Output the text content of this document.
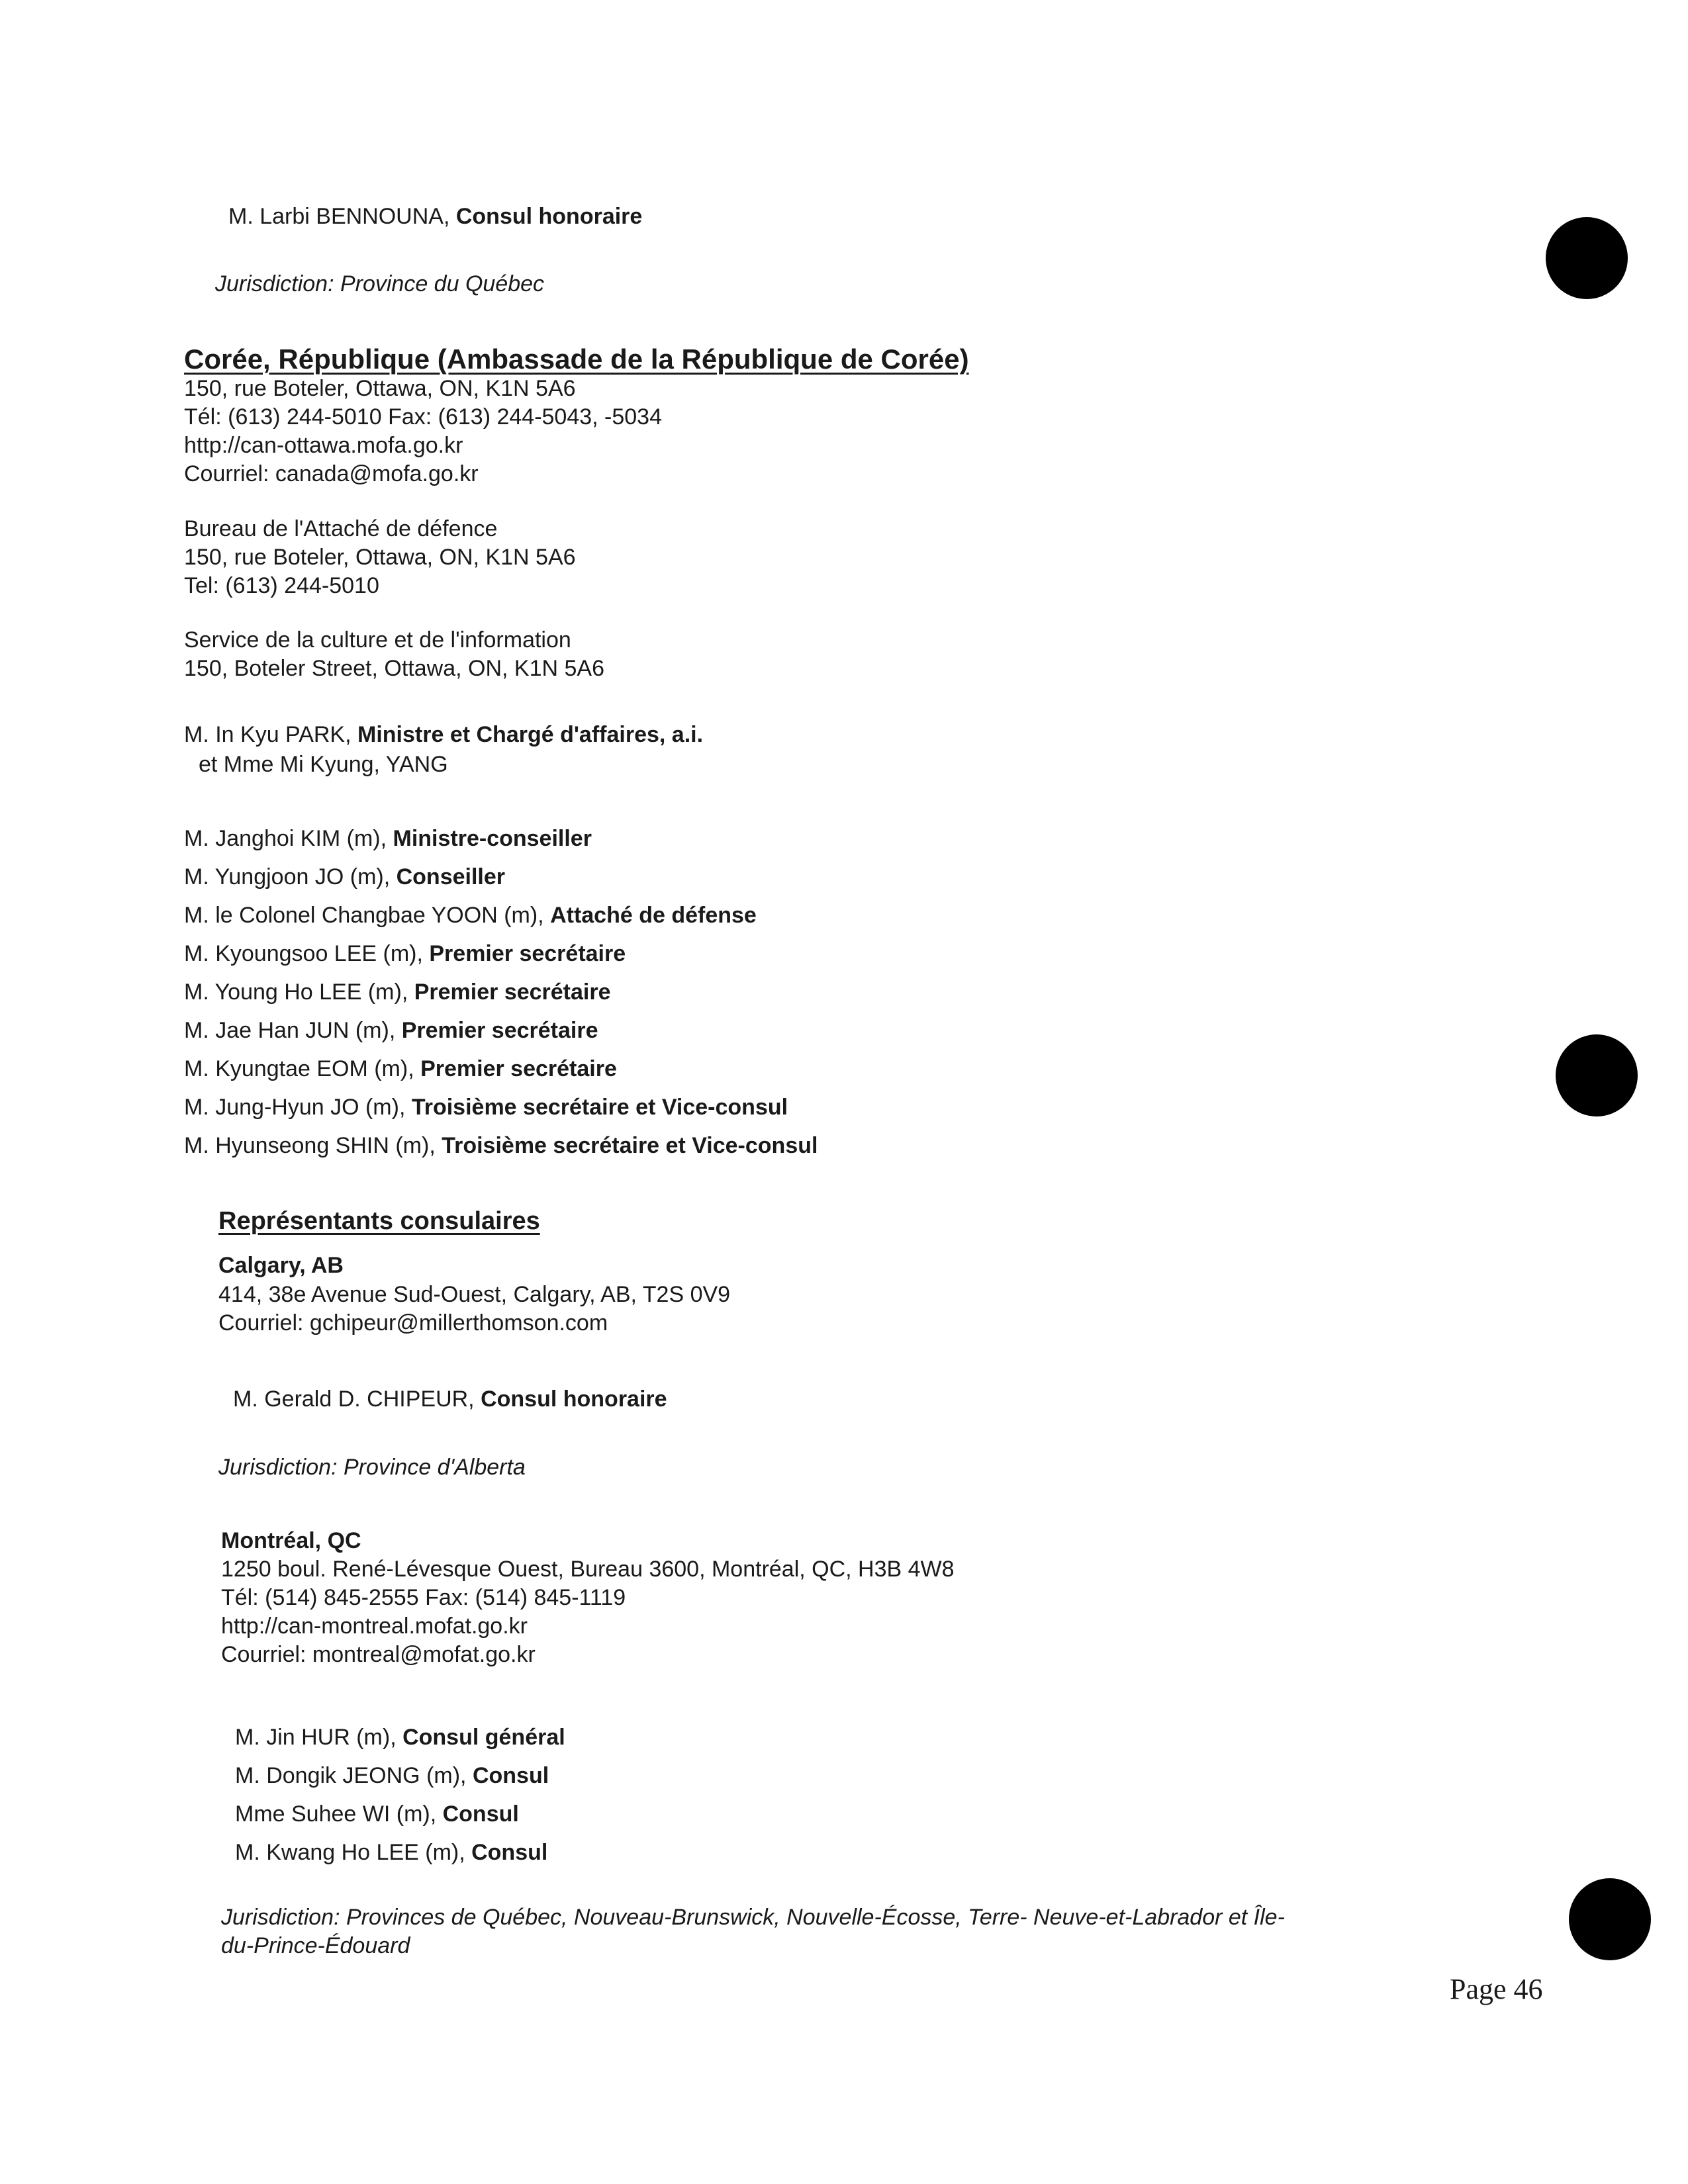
M. Larbi BENNOUNA, Consul honoraire
Jurisdiction: Province du Québec
Corée, République (Ambassade de la République de Corée)
150, rue Boteler, Ottawa, ON, K1N 5A6
Tél: (613) 244-5010 Fax: (613) 244-5043, -5034
http://can-ottawa.mofa.go.kr
Courriel: canada@mofa.go.kr
Bureau de l'Attaché de défence
150, rue Boteler, Ottawa, ON, K1N 5A6
Tel: (613) 244-5010
Service de la culture et de l'information
150, Boteler Street, Ottawa, ON, K1N 5A6
M. In Kyu PARK, Ministre et Chargé d'affaires, a.i.
et Mme Mi Kyung, YANG
M. Janghoi KIM (m), Ministre-conseiller
M. Yungjoon JO (m), Conseiller
M. le Colonel Changbae YOON (m), Attaché de défense
M. Kyoungsoo LEE (m), Premier secrétaire
M. Young Ho LEE (m), Premier secrétaire
M. Jae Han JUN (m), Premier secrétaire
M. Kyungtae EOM (m), Premier secrétaire
M. Jung-Hyun JO (m), Troisième secrétaire et Vice-consul
M. Hyunseong SHIN (m), Troisième secrétaire et Vice-consul
Représentants consulaires
Calgary, AB
414, 38e Avenue Sud-Ouest, Calgary, AB, T2S 0V9
Courriel: gchipeur@millerthomson.com
M. Gerald D. CHIPEUR, Consul honoraire
Jurisdiction: Province d'Alberta
Montréal, QC
1250 boul. René-Lévesque Ouest, Bureau 3600, Montréal, QC, H3B 4W8
Tél: (514) 845-2555 Fax: (514) 845-1119
http://can-montreal.mofat.go.kr
Courriel: montreal@mofat.go.kr
M. Jin HUR (m), Consul général
M. Dongik JEONG (m), Consul
Mme Suhee WI (m), Consul
M. Kwang Ho LEE (m), Consul
Jurisdiction: Provinces de Québec, Nouveau-Brunswick, Nouvelle-Écosse, Terre- Neuve-et-Labrador et Île-
du-Prince-Édouard
Page 46
